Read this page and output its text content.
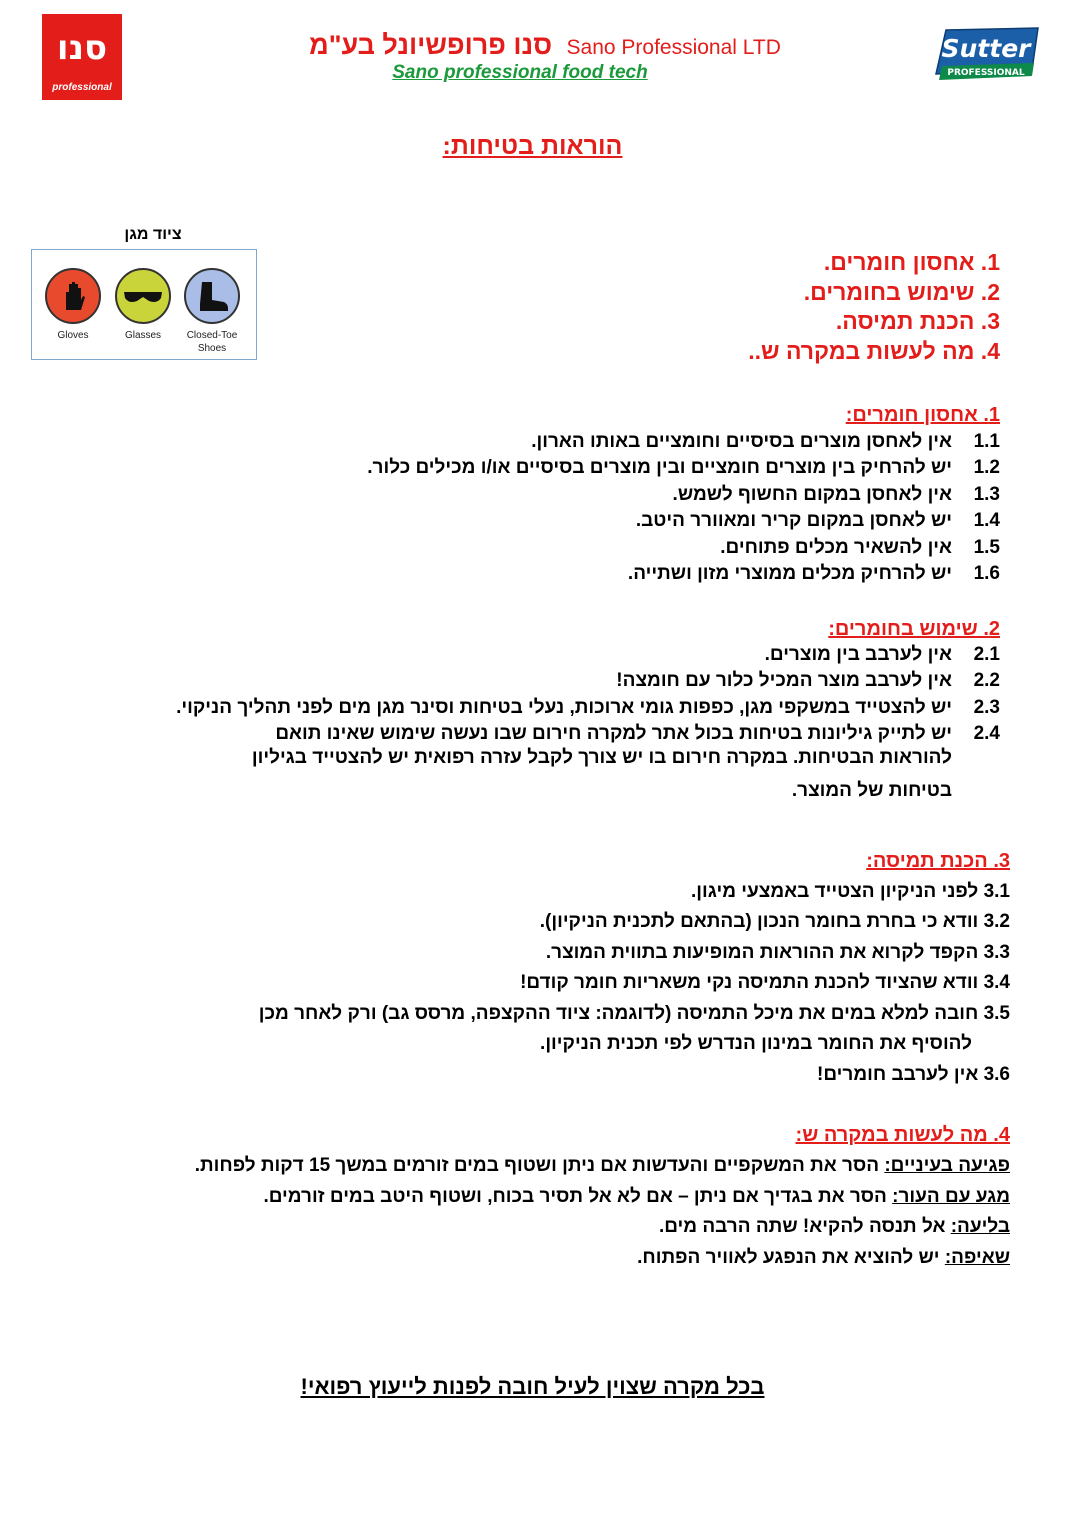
סנו
professional
סנו פרופשיונל בע"מ Sano Professional LTD
Sano professional food tech
Sutter
PROFESSIONAL
הוראות בטיחות:
ציוד מגן
Gloves	Glasses	Closed-Toe Shoes
1. אחסון חומרים.
2. שימוש בחומרים.
3. הכנת תמיסה.
4. מה לעשות במקרה ש..
1. אחסון חומרים:
1.1
אין לאחסן מוצרים בסיסיים וחומציים באותו הארון.
1.2
יש להרחיק בין מוצרים חומציים ובין מוצרים בסיסיים או/ו מכילים כלור.
1.3
אין לאחסן במקום החשוף לשמש.
1.4
יש לאחסן במקום קריר ומאוורר היטב.
1.5
אין להשאיר מכלים פתוחים.
1.6
יש להרחיק מכלים ממוצרי מזון ושתייה.
2. שימוש בחומרים:
2.1
אין לערבב בין מוצרים.
2.2
אין לערבב מוצר המכיל כלור עם חומצה!
2.3
יש להצטייד במשקפי מגן, כפפות גומי ארוכות, נעלי בטיחות וסינר מגן מים לפני תהליך הניקוי.
2.4
יש לתייק גיליונות בטיחות בכול אתר למקרה חירום שבו נעשה שימוש שאינו תואם
להוראות הבטיחות. במקרה חירום בו יש צורך לקבל עזרה רפואית יש להצטייד בגיליון
בטיחות של המוצר.
3. הכנת תמיסה:
3.1 לפני הניקיון הצטייד באמצעי מיגון.
3.2 וודא כי בחרת בחומר הנכון (בהתאם לתכנית הניקיון).
3.3 הקפד לקרוא את ההוראות המופיעות בתווית המוצר.
3.4 וודא שהציוד להכנת התמיסה נקי משאריות חומר קודם!
3.5 חובה למלא במים את מיכל התמיסה (לדוגמה: ציוד ההקצפה, מרסס גב) ורק לאחר מכן
להוסיף את החומר במינון הנדרש לפי תכנית הניקיון.
3.6 אין לערבב חומרים!
4. מה לעשות במקרה ש:
פגיעה בעיניים: הסר את המשקפיים והעדשות אם ניתן ושטוף במים זורמים במשך 15 דקות לפחות.
מגע עם העור: הסר את בגדיך אם ניתן – אם לא אל תסיר בכוח, ושטוף היטב במים זורמים.
בליעה: אל תנסה להקיא! שתה הרבה מים.
שאיפה: יש להוציא את הנפגע לאוויר הפתוח.
בכל מקרה שצוין לעיל חובה לפנות לייעוץ רפואי!
